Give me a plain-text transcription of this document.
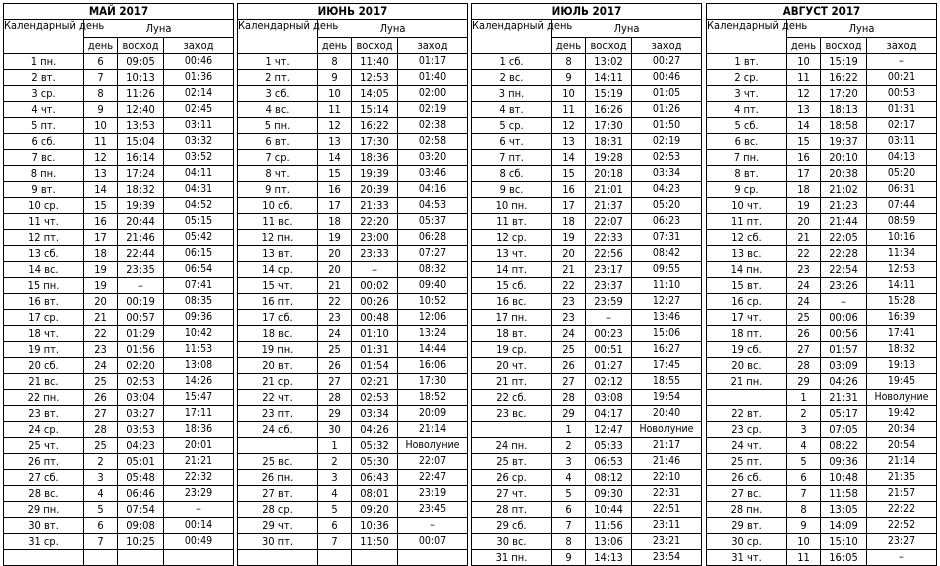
МАЙ 2017			
Календарный день	Луна		
	день	восход	заход
1 пн.	6	09:05	00:46
2 вт.	7	10:13	01:36
3 ср.	8	11:26	02:14
4 чт.	9	12:40	02:45
5 пт.	10	13:53	03:11
6 сб.	11	15:04	03:32
7 вс.	12	16:14	03:52
8 пн.	13	17:24	04:11
9 вт.	14	18:32	04:31
10 ср.	15	19:39	04:52
11 чт.	16	20:44	05:15
12 пт.	17	21:46	05:42
13 сб.	18	22:44	06:15
14 вс.	19	23:35	06:54
15 пн.	19	–	07:41
16 вт.	20	00:19	08:35
17 ср.	21	00:57	09:36
18 чт.	22	01:29	10:42
19 пт.	23	01:56	11:53
20 сб.	24	02:20	13:08
21 вс.	25	02:53	14:26
22 пн.	26	03:04	15:47
23 вт.	27	03:27	17:11
24 ср.	28	03:53	18:36
25 чт.	25	04:23	20:01
26 пт.	2	05:01	21:21
27 сб.	3	05:48	22:32
28 вс.	4	06:46	23:29
29 пн.	5	07:54	–
30 вт.	6	09:08	00:14
31 ср.	7	10:25	00:49

ИЮНЬ 2017			
Календарный день	Луна		
	день	восход	заход
1 чт.	8	11:40	01:17
2 пт.	9	12:53	01:40
3 сб.	10	14:05	02:00
4 вс.	11	15:14	02:19
5 пн.	12	16:22	02:38
6 вт.	13	17:30	02:58
7 ср.	14	18:36	03:20
8 чт.	15	19:39	03:46
9 пт.	16	20:39	04:16
10 сб.	17	21:33	04:53
11 вс.	18	22:20	05:37
12 пн.	19	23:00	06:28
13 вт.	20	23:33	07:27
14 ср.	20	–	08:32
15 чт.	21	00:02	09:40
16 пт.	22	00:26	10:52
17 сб.	23	00:48	12:06
18 вс.	24	01:10	13:24
19 пн.	25	01:31	14:44
20 вт.	26	01:54	16:06
21 ср.	27	02:21	17:30
22 чт.	28	02:53	18:52
23 пт.	29	03:34	20:09
24 сб.	30	04:26	21:14
	1	05:32	Новолуние
25 вс.	2	05:30	22:07
26 пн.	3	06:43	22:47
27 вт.	4	08:01	23:19
28 ср.	5	09:20	23:45
29 чт.	6	10:36	–
30 пт.	7	11:50	00:07

ИЮЛЬ 2017			
Календарный день	Луна		
	день	восход	заход
1 сб.	8	13:02	00:27
2 вс.	9	14:11	00:46
3 пн.	10	15:19	01:05
4 вт.	11	16:26	01:26
5 ср.	12	17:30	01:50
6 чт.	13	18:31	02:19
7 пт.	14	19:28	02:53
8 сб.	15	20:18	03:34
9 вс.	16	21:01	04:23
10 пн.	17	21:37	05:20
11 вт.	18	22:07	06:23
12 ср.	19	22:33	07:31
13 чт.	20	22:56	08:42
14 пт.	21	23:17	09:55
15 сб.	22	23:37	11:10
16 вс.	23	23:59	12:27
17 пн.	23	–	13:46
18 вт.	24	00:23	15:06
19 ср.	25	00:51	16:27
20 чт.	26	01:27	17:45
21 пт.	27	02:12	18:55
22 сб.	28	03:08	19:54
23 вс.	29	04:17	20:40
	1	12:47	Новолуние
24 пн.	2	05:33	21:17
25 вт.	3	06:53	21:46
26 ср.	4	08:12	22:10
27 чт.	5	09:30	22:31
28 пт.	6	10:44	22:51
29 сб.	7	11:56	23:11
30 вс.	8	13:06	23:21
31 пн.	9	14:13	23:54
АВГУСТ 2017			
Календарный день	Луна		
	день	восход	заход
1 вт.	10	15:19	–
2 ср.	11	16:22	00:21
3 чт.	12	17:20	00:53
4 пт.	13	18:13	01:31
5 сб.	14	18:58	02:17
6 вс.	15	19:37	03:11
7 пн.	16	20:10	04:13
8 вт.	17	20:38	05:20
9 ср.	18	21:02	06:31
10 чт.	19	21:23	07:44
11 пт.	20	21:44	08:59
12 сб.	21	22:05	10:16
13 вс.	22	22:28	11:34
14 пн.	23	22:54	12:53
15 вт.	24	23:26	14:11
16 ср.	24	–	15:28
17 чт.	25	00:06	16:39
18 пт.	26	00:56	17:41
19 сб.	27	01:57	18:32
20 вс.	28	03:09	19:13
21 пн.	29	04:26	19:45
	1	21:31	Новолуние
22 вт.	2	05:17	19:42
23 ср.	3	07:05	20:34
24 чт.	4	08:22	20:54
25 пт.	5	09:36	21:14
26 сб.	6	10:48	21:35
27 вс.	7	11:58	21:57
28 пн.	8	13:05	22:22
29 вт.	9	14:09	22:52
30 ср.	10	15:10	23:27
31 чт.	11	16:05	–
